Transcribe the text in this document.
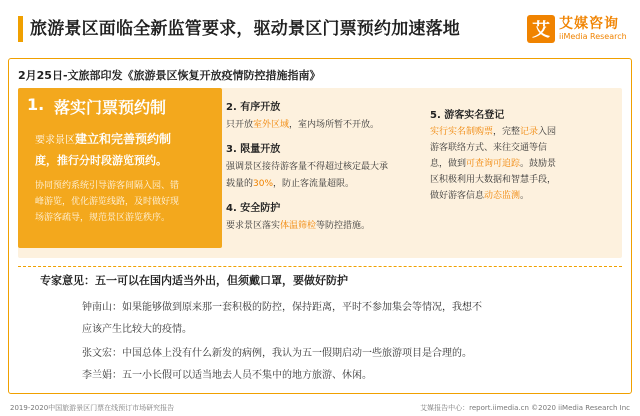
旅游景区面临全新监管要求，驱动景区门票预约加速落地	艾 艾媒咨询
iiMedia Research
2月25日-文旅部印发《旅游景区恢复开放疫情防控措施指南》
1. 落实门票预约制
要求景区建立和完善预约制
度，推行分时段游览预约。
协同预约系统引导游客间隔入园、错
峰游览，优化游览线路，及时做好现
场游客疏导，规范景区游览秩序。
2. 有序开放
只开放室外区域，室内场所暂不开放。
3. 限量开放
强调景区接待游客量不得超过核定最大承
载量的30%，防止客流量超限。
4. 安全防护
要求景区落实体温筛检等防控措施。
5. 游客实名登记
实行实名制购票，完整记录入园
游客联络方式、来往交通等信
息，做到可查询可追踪。鼓励景
区积极利用大数据和智慧手段，
做好游客信息动态监测。
专家意见：五一可以在国内适当外出，但须戴口罩，要做好防护
钟南山：如果能够做到原来那一套积极的防控，保持距离，平时不参加集会等情况，我想不
应该产生比较大的疫情。
张文宏：中国总体上没有什么新发的病例，我认为五一假期启动一些旅游项目是合理的。
李兰娟：五一小长假可以适当地去人员不集中的地方旅游、休闲。
2019-2020中国旅游景区门票在线预订市场研究报告	艾媒报告中心：report.iimedia.cn ©2020 iiMedia Research Inc
